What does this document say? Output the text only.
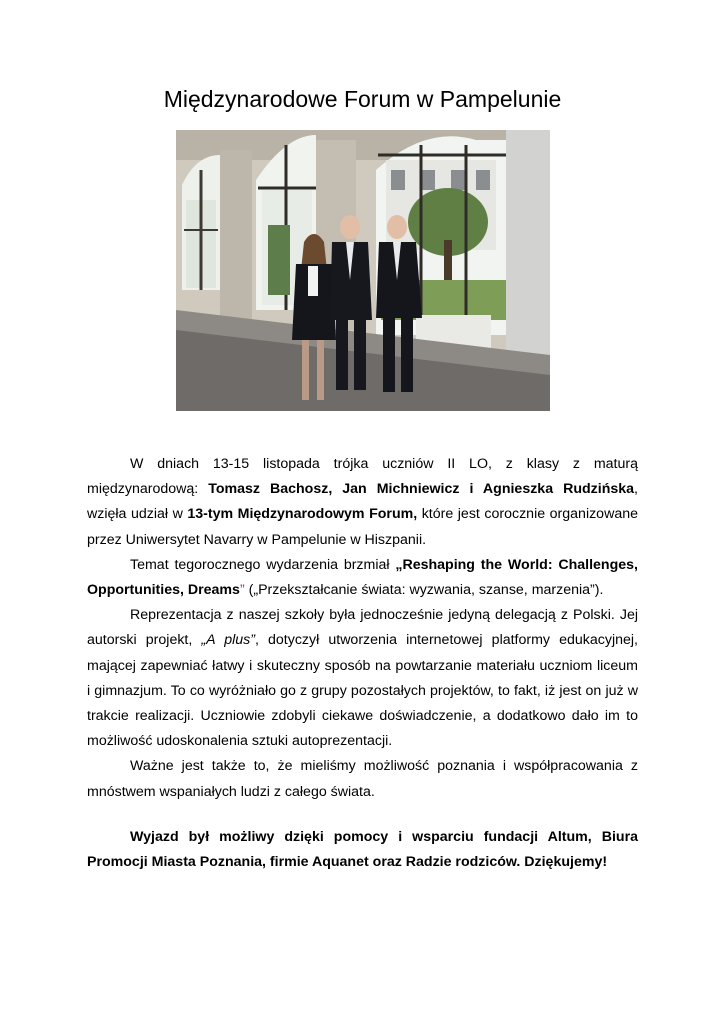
Międzynarodowe Forum w Pampelunie

W dniach 13-15 listopada trójka uczniów II LO, z klasy z maturą międzynarodową: Tomasz Bachosz, Jan Michniewicz i Agnieszka Rudzińska, wzięła udział w 13-tym Międzynarodowym Forum, które jest corocznie organizowane przez Uniwersytet Navarry w Pampelunie w Hiszpanii.

Temat tegorocznego wydarzenia brzmiał „Reshaping the World: Challenges, Opportunities, Dreams” („Przekształcanie świata: wyzwania, szanse, marzenia”).

Reprezentacja z naszej szkoły była jednocześnie jedyną delegacją z Polski. Jej autorski projekt, „A plus”, dotyczył utworzenia internetowej platformy edukacyjnej, mającej zapewniać łatwy i skuteczny sposób na powtarzanie materiału uczniom liceum i gimnazjum. To co wyróżniało go z grupy pozostałych projektów, to fakt, iż jest on już w trakcie realizacji. Uczniowie zdobyli ciekawe doświadczenie, a dodatkowo dało im to możliwość udoskonalenia sztuki autoprezentacji.

Ważne jest także to, że mieliśmy możliwość poznania i współpracowania z mnóstwem wspaniałych ludzi z całego świata.

Wyjazd był możliwy dzięki pomocy i wsparciu fundacji Altum, Biura Promocji Miasta Poznania, firmie Aquanet oraz Radzie rodziców. Dziękujemy!
